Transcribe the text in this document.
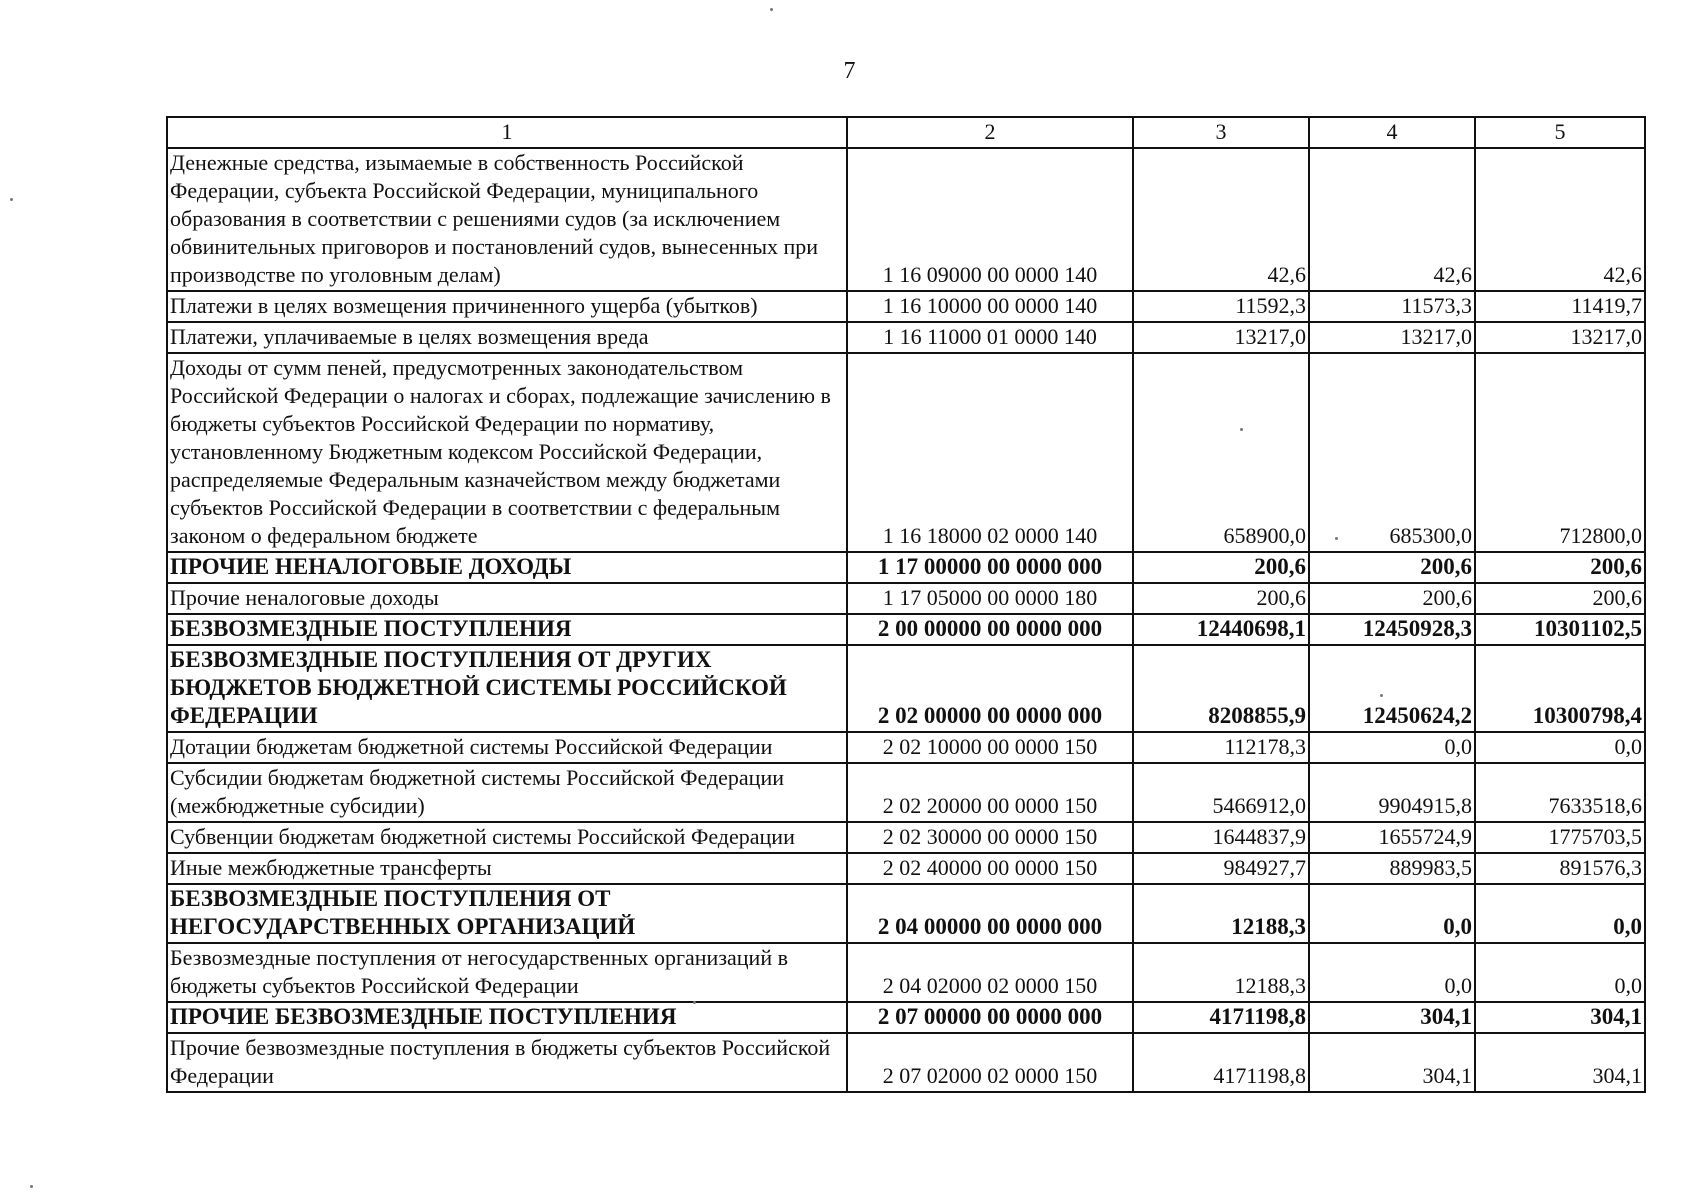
7
1	2	3	4	5
Денежные средства, изымаемые в собственность Российской Федерации, субъекта Российской Федерации, муниципального образования в соответствии с решениями судов (за исключением обвинительных приговоров и постановлений судов, вынесенных при производстве по уголовным делам)	1 16 09000 00 0000 140	42,6	42,6	42,6
Платежи в целях возмещения причиненного ущерба (убытков)	1 16 10000 00 0000 140	11592,3	11573,3	11419,7
Платежи, уплачиваемые в целях возмещения вреда	1 16 11000 01 0000 140	13217,0	13217,0	13217,0
Доходы от сумм пеней, предусмотренных законодательством Российской Федерации о налогах и сборах, подлежащие зачислению в бюджеты субъектов Российской Федерации по нормативу, установленному Бюджетным кодексом Российской Федерации, распределяемые Федеральным казначейством между бюджетами субъектов Российской Федерации в соответствии с федеральным законом о федеральном бюджете	1 16 18000 02 0000 140	658900,0	685300,0	712800,0
ПРОЧИЕ НЕНАЛОГОВЫЕ ДОХОДЫ	1 17 00000 00 0000 000	200,6	200,6	200,6
Прочие неналоговые доходы	1 17 05000 00 0000 180	200,6	200,6	200,6
БЕЗВОЗМЕЗДНЫЕ ПОСТУПЛЕНИЯ	2 00 00000 00 0000 000	12440698,1	12450928,3	10301102,5
БЕЗВОЗМЕЗДНЫЕ ПОСТУПЛЕНИЯ ОТ ДРУГИХ БЮДЖЕТОВ БЮДЖЕТНОЙ СИСТЕМЫ РОССИЙСКОЙ ФЕДЕРАЦИИ	2 02 00000 00 0000 000	8208855,9	12450624,2	10300798,4
Дотации бюджетам бюджетной системы Российской Федерации	2 02 10000 00 0000 150	112178,3	0,0	0,0
Субсидии бюджетам бюджетной системы Российской Федерации (межбюджетные субсидии)	2 02 20000 00 0000 150	5466912,0	9904915,8	7633518,6
Субвенции бюджетам бюджетной системы Российской Федерации	2 02 30000 00 0000 150	1644837,9	1655724,9	1775703,5
Иные межбюджетные трансферты	2 02 40000 00 0000 150	984927,7	889983,5	891576,3
БЕЗВОЗМЕЗДНЫЕ ПОСТУПЛЕНИЯ ОТ НЕГОСУДАРСТВЕННЫХ ОРГАНИЗАЦИЙ	2 04 00000 00 0000 000	12188,3	0,0	0,0
Безвозмездные поступления от негосударственных организаций в бюджеты субъектов Российской Федерации	2 04 02000 02 0000 150	12188,3	0,0	0,0
ПРОЧИЕ БЕЗВОЗМЕЗДНЫЕ ПОСТУПЛЕНИЯ	2 07 00000 00 0000 000	4171198,8	304,1	304,1
Прочие безвозмездные поступления в бюджеты субъектов Российской Федерации	2 07 02000 02 0000 150	4171198,8	304,1	304,1
